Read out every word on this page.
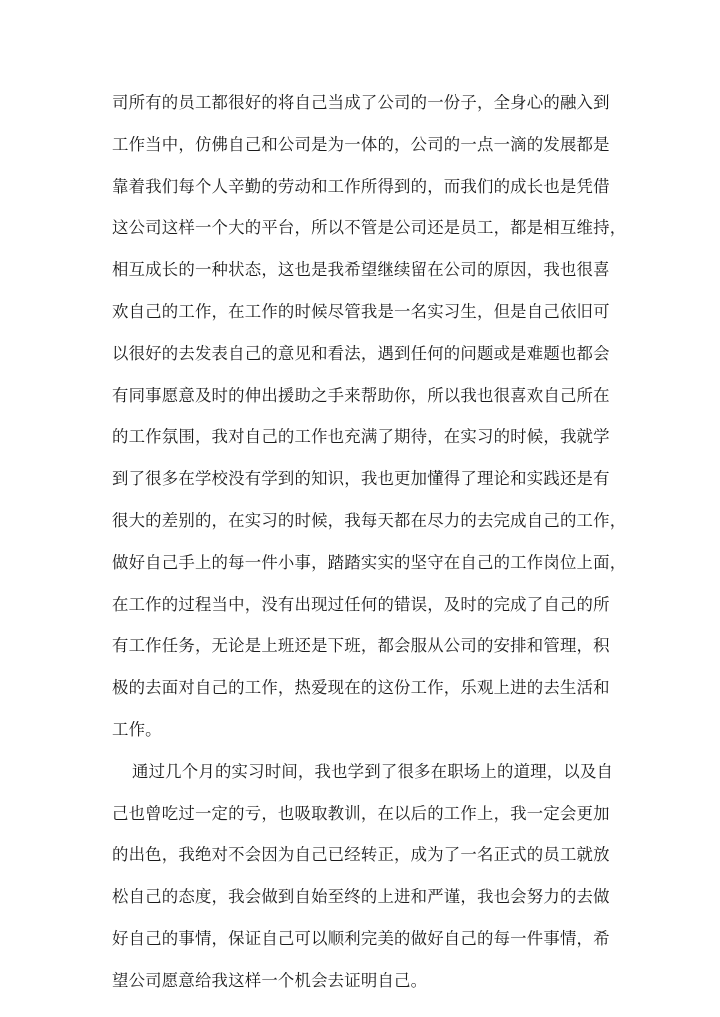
司所有的员工都很好的将自己当成了公司的一份子，全身心的融入到
工作当中，仿佛自己和公司是为一体的，公司的一点一滴的发展都是
靠着我们每个人辛勤的劳动和工作所得到的，而我们的成长也是凭借
这公司这样一个大的平台，所以不管是公司还是员工，都是相互维持，
相互成长的一种状态，这也是我希望继续留在公司的原因，我也很喜
欢自己的工作，在工作的时候尽管我是一名实习生，但是自己依旧可
以很好的去发表自己的意见和看法，遇到任何的问题或是难题也都会
有同事愿意及时的伸出援助之手来帮助你，所以我也很喜欢自己所在
的工作氛围，我对自己的工作也充满了期待，在实习的时候，我就学
到了很多在学校没有学到的知识，我也更加懂得了理论和实践还是有
很大的差别的，在实习的时候，我每天都在尽力的去完成自己的工作，
做好自己手上的每一件小事，踏踏实实的坚守在自己的工作岗位上面，
在工作的过程当中，没有出现过任何的错误，及时的完成了自己的所
有工作任务，无论是上班还是下班，都会服从公司的安排和管理，积
极的去面对自己的工作，热爱现在的这份工作，乐观上进的去生活和
工作。
通过几个月的实习时间，我也学到了很多在职场上的道理，以及自
己也曾吃过一定的亏，也吸取教训，在以后的工作上，我一定会更加
的出色，我绝对不会因为自己已经转正，成为了一名正式的员工就放
松自己的态度，我会做到自始至终的上进和严谨，我也会努力的去做
好自己的事情，保证自己可以顺利完美的做好自己的每一件事情，希
望公司愿意给我这样一个机会去证明自己。
